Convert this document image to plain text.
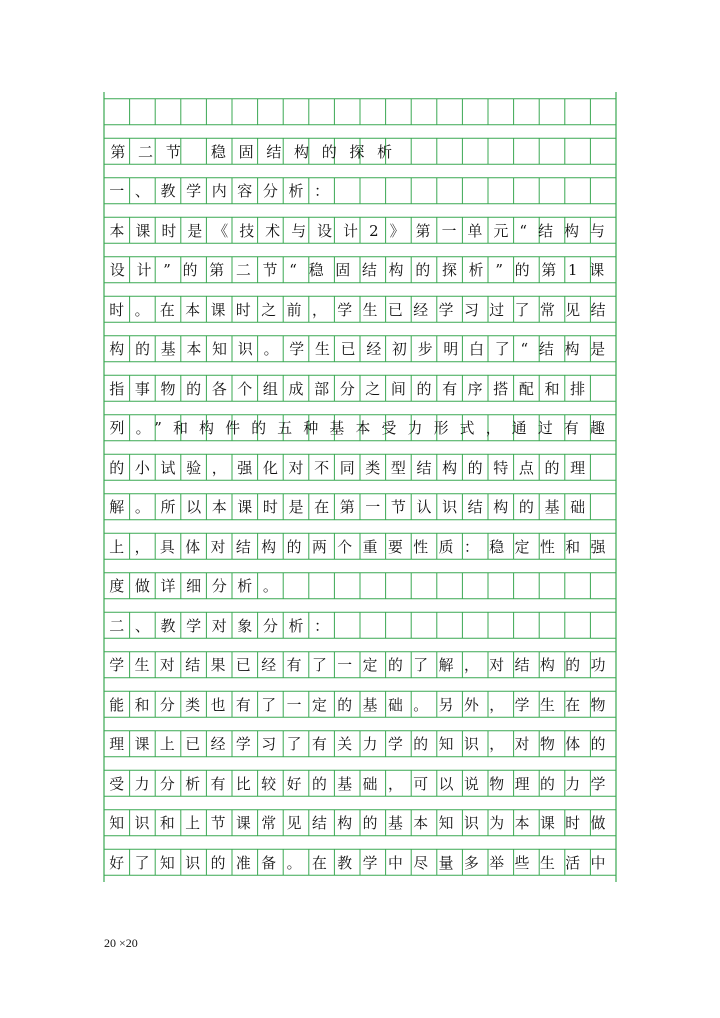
第二节 稳固结构的探析
一、教学内容分析：
本课时是《技术与设计2》第一单元“结构与
设计”的第二节“稳固结构的探析”的第1课
时。在本课时之前，学生已经学习过了常见结
构的基本知识。学生已经初步明白了“结构是
指事物的各个组成部分之间的有序搭配和排
列。”和构件的五种基本受力形式，通过有趣
的小试验，强化对不同类型结构的特点的理
解。所以本课时是在第一节认识结构的基础
上，具体对结构的两个重要性质：稳定性和强
度做详细分析。
二、教学对象分析：
学生对结果已经有了一定的了解，对结构的功
能和分类也有了一定的基础。另外，学生在物
理课上已经学习了有关力学的知识，对物体的
受力分析有比较好的基础，可以说物理的力学
知识和上节课常见结构的基本知识为本课时做
好了知识的准备。在教学中尽量多举些生活中
20 ×20
